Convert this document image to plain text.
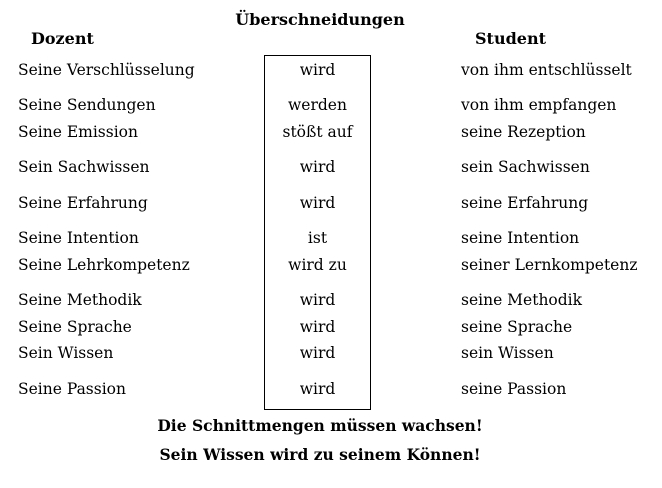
Überschneidungen
Dozent	Student
Seine Verschlüsselung	wird	von ihm entschlüsselt
Seine Sendungen	werden	von ihm empfangen
Seine Emission	stößt auf	seine Rezeption
Sein Sachwissen	wird	sein Sachwissen
Seine Erfahrung	wird	seine Erfahrung
Seine Intention	ist	seine Intention
Seine Lehrkompetenz	wird zu	seiner Lernkompetenz
Seine Methodik	wird	seine Methodik
Seine Sprache	wird	seine Sprache
Sein Wissen	wird	sein Wissen
Seine Passion	wird	seine Passion
Die Schnittmengen müssen wachsen!
Sein Wissen wird zu seinem Können!
